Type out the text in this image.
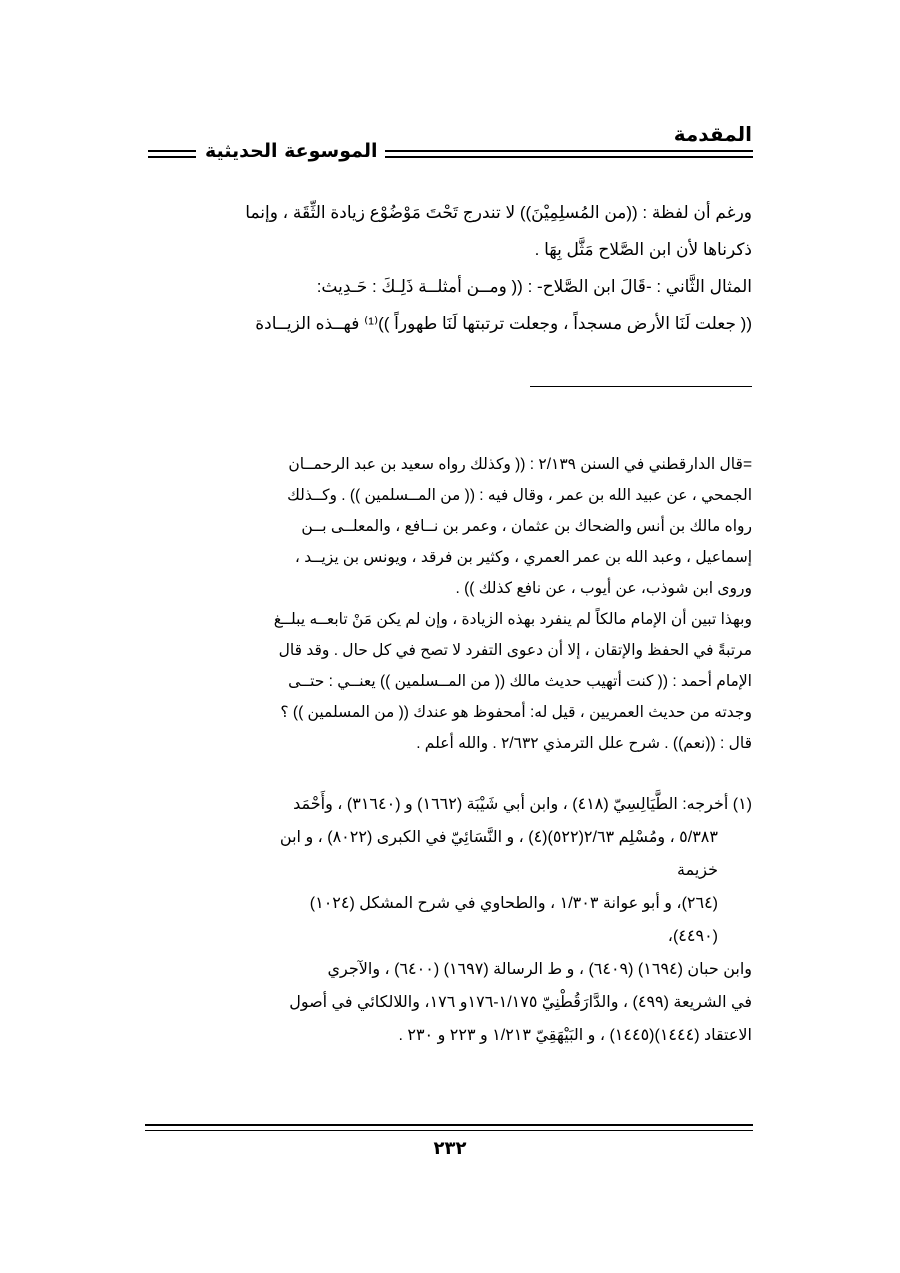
المقدمة
الموسوعة الحديثية
ورغم أن لفظة : ((من المُسلِمِيْنَ)) لا تندرج تَحْتَ مَوْضُوْع زيادة الثِّقَة ، وإنما
ذكرناها لأن ابن الصَّلاح مَثَّل بِهَا .
المثال الثَّاني : -قَالَ ابن الصَّلاح- : (( ومــن أمثلــة ذَلِـكَ : حَـدِيث:
(( جعلت لَنَا الأرض مسجداً ، وجعلت ترتبتها لَنَا طهوراً ))⁽¹⁾ فهــذه الزيــادة
=قال الدارقطني في السنن ٢/١٣٩ : (( وكذلك رواه سعيد بن عبد الرحمــان
الجمحي ، عن عبيد الله بن عمر ، وقال فيه : (( من المــسلمين )) . وكــذلك
رواه مالك بن أنس والضحاك بن عثمان ، وعمر بن نــافع ، والمعلــى بــن
إسماعيل ، وعبد الله بن عمر العمري ، وكثير بن فرقد ، ويونس بن يزيــد ،
وروى ابن شوذب، عن أيوب ، عن نافع كذلك )) .
وبهذا تبين أن الإمام مالكاً لم ينفرد بهذه الزيادة ، وإن لم يكن مَنْ تابعــه يبلــغ
مرتبةً في الحفظ والإتقان ، إلا أن دعوى التفرد لا تصح في كل حال . وقد قال
الإمام أحمد : (( كنت أتهيب حديث مالك (( من المــسلمين )) يعنــي : حتــى
وجدته من حديث العمريين ، قيل له: أمحفوظ هو عندك (( من المسلمين )) ؟
قال : ((نعم)) . شرح علل الترمذي ٢/٦٣٢ . والله أعلم .
(١) أخرجه: الطَّيَالِسِيّ (٤١٨) ، وابن أبي شَيْبَة (١٦٦٢) و (٣١٦٤٠) ، وأَحْمَد
٥/٣٨٣ ، ومُسْلِم ٢/٦٣(٥٢٢)(٤) ، و النَّسَائِيّ في الكبرى (٨٠٢٢) ، و ابن
خزيمة
(٢٦٤)، و أبو عوانة ١/٣٠٣ ، والطحاوي في شرح المشكل (١٠٢٤)
(٤٤٩٠)،
وابن حبان (١٦٩٤) (٦٤٠٩) ، و ط الرسالة (١٦٩٧) (٦٤٠٠) ، والآجري
في الشريعة (٤٩٩) ، والدَّارَقُطْنِيّ ١/١٧٥-١٧٦و ١٧٦، واللالكائي في أصول
الاعتقاد (١٤٤٤)(١٤٤٥) ، و البَيْهَقِيّ ١/٢١٣ و ٢٢٣ و ٢٣٠ .
٢٣٢
